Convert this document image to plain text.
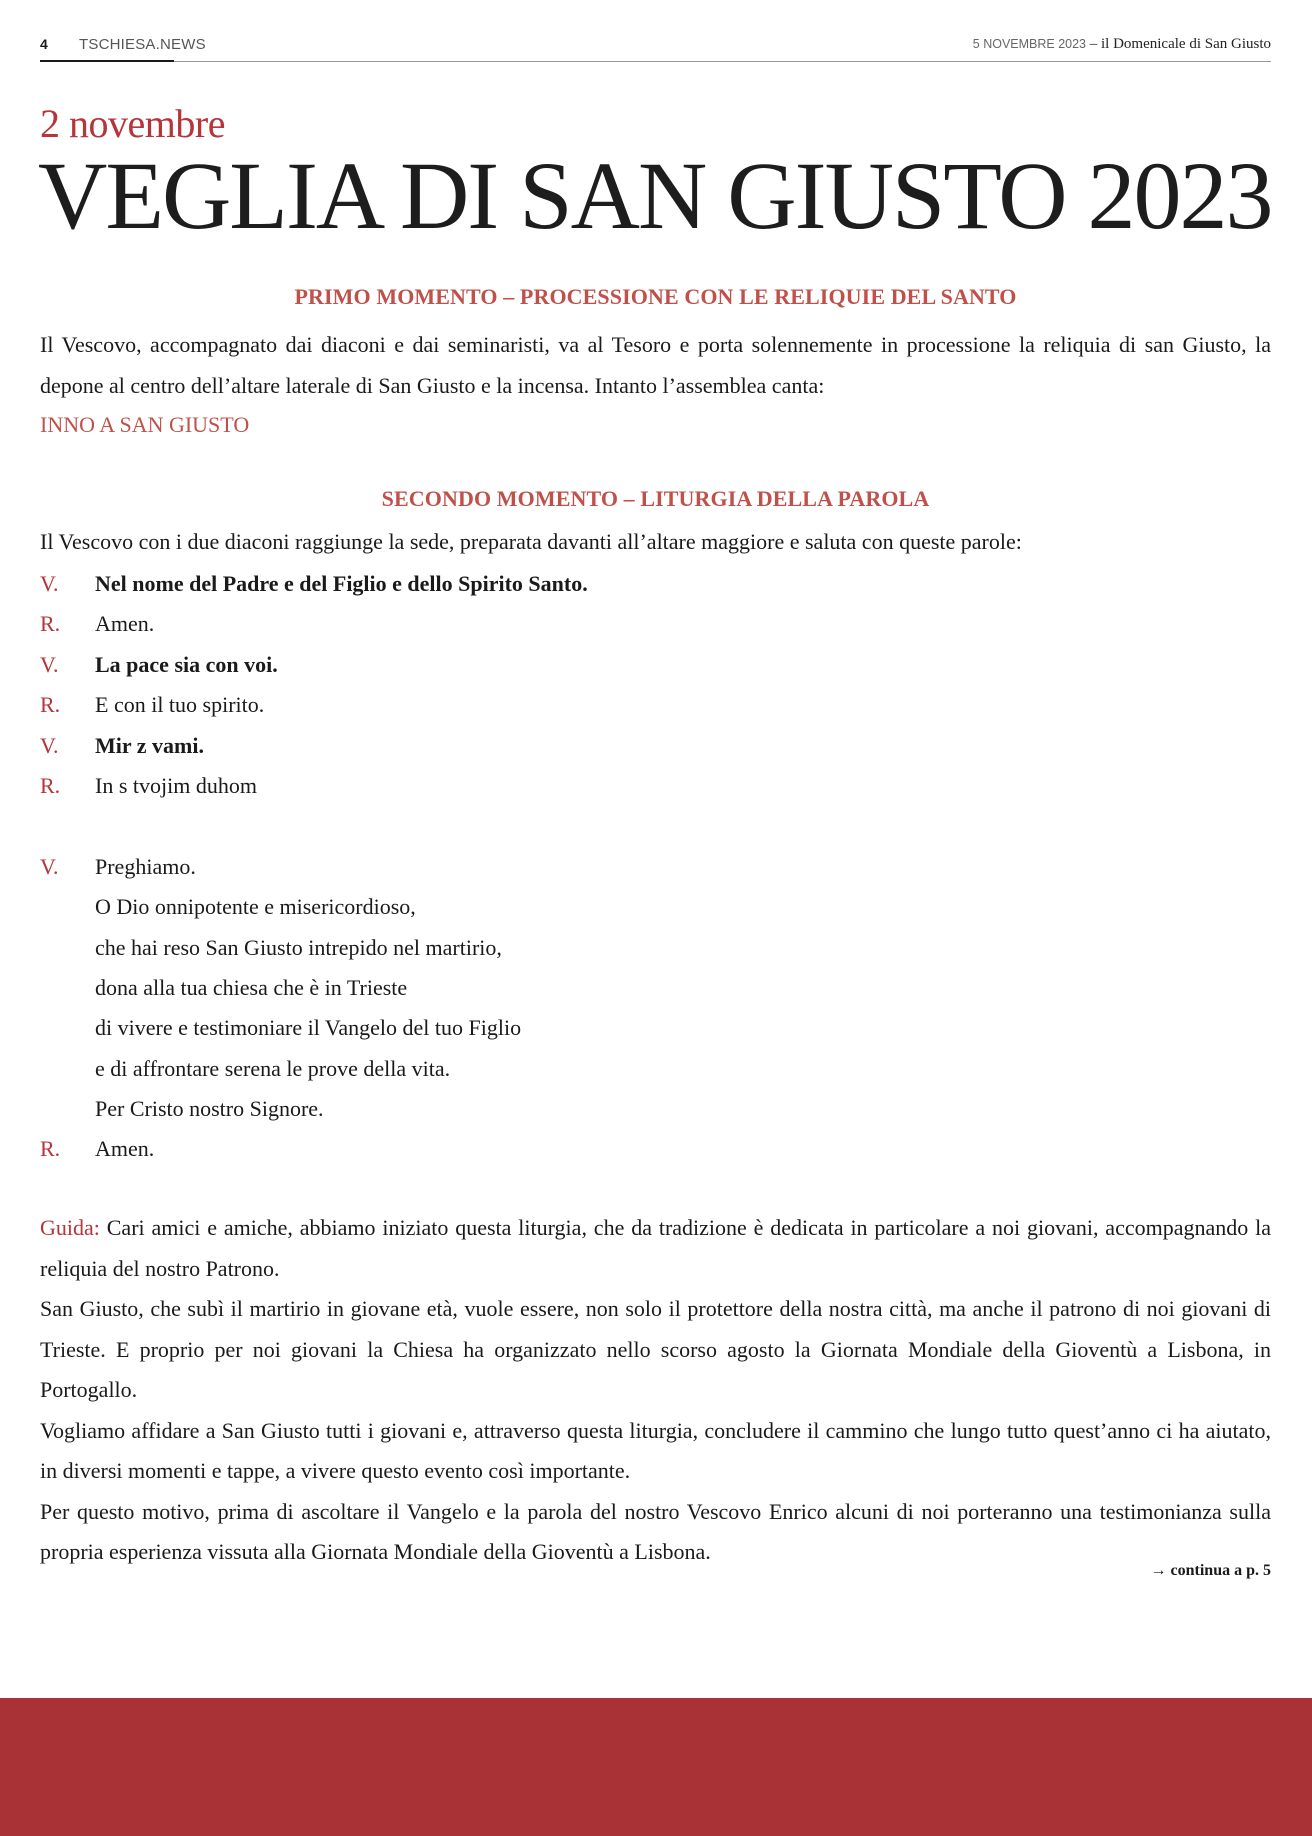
4 TSCHIESA.NEWS	5 NOVEMBRE 2023 – il Domenicale di San Giusto
2 novembre
VEGLIA DI SAN GIUSTO 2023
PRIMO MOMENTO – PROCESSIONE CON LE RELIQUIE DEL SANTO
Il Vescovo, accompagnato dai diaconi e dai seminaristi, va al Tesoro e porta solennemente in processione la reliquia di san Giusto, la depone al centro dell’altare laterale di San Giusto e la incensa. Intanto l’assemblea canta:
INNO A SAN GIUSTO
SECONDO MOMENTO – LITURGIA DELLA PAROLA
Il Vescovo con i due diaconi raggiunge la sede, preparata davanti all’altare maggiore e saluta con queste parole:
V. Nel nome del Padre e del Figlio e dello Spirito Santo.
R. Amen.
V. La pace sia con voi.
R. E con il tuo spirito.
V. Mir z vami.
R. In s tvojim duhom
V. Preghiamo.
O Dio onnipotente e misericordioso,
che hai reso San Giusto intrepido nel martirio,
dona alla tua chiesa che è in Trieste
di vivere e testimoniare il Vangelo del tuo Figlio
e di affrontare serena le prove della vita.
Per Cristo nostro Signore.
R. Amen.

Guida: Cari amici e amiche, abbiamo iniziato questa liturgia, che da tradizione è dedicata in particolare a noi giovani, accompagnando la reliquia del nostro Patrono.

San Giusto, che subì il martirio in giovane età, vuole essere, non solo il protettore della nostra città, ma anche il patrono di noi giovani di Trieste. E proprio per noi giovani la Chiesa ha organizzato nello scorso agosto la Giornata Mondiale della Gioventù a Lisbona, in Portogallo.

Vogliamo affidare a San Giusto tutti i giovani e, attraverso questa liturgia, concludere il cammino che lungo tutto quest’anno ci ha aiutato, in diversi momenti e tappe, a vivere questo evento così importante.

Per questo motivo, prima di ascoltare il Vangelo e la parola del nostro Vescovo Enrico alcuni di noi porteranno una testimonianza sulla propria esperienza vissuta alla Giornata Mondiale della Gioventù a Lisbona.

→ continua a p. 5
